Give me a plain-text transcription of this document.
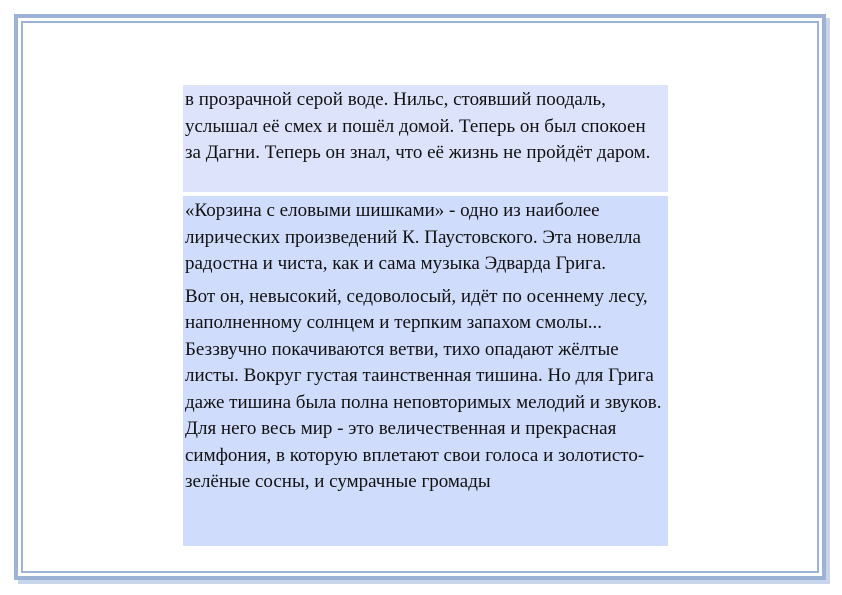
в прозрачной серой воде. Нильс, стоявший поодаль, услышал её смех и пошёл домой. Теперь он был спокоен за Дагни. Теперь он знал, что её жизнь не пройдёт даром.

«Корзина с еловыми шишками» - одно из наиболее лирических произведений К. Паустовского. Эта новелла радостна и чиста, как и сама музыка Эдварда Грига.

Вот он, невысокий, седоволосый, идёт по осеннему лесу, наполненному солнцем и терпким запахом смолы... Беззвучно покачиваются ветви, тихо опадают жёлтые листы. Вокруг густая таинственная тишина. Но для Грига даже тишина была полна неповторимых мелодий и звуков. Для него весь мир - это величественная и прекрасная симфония, в которую вплетают свои голоса и золотисто-зелёные сосны, и сумрачные громады
